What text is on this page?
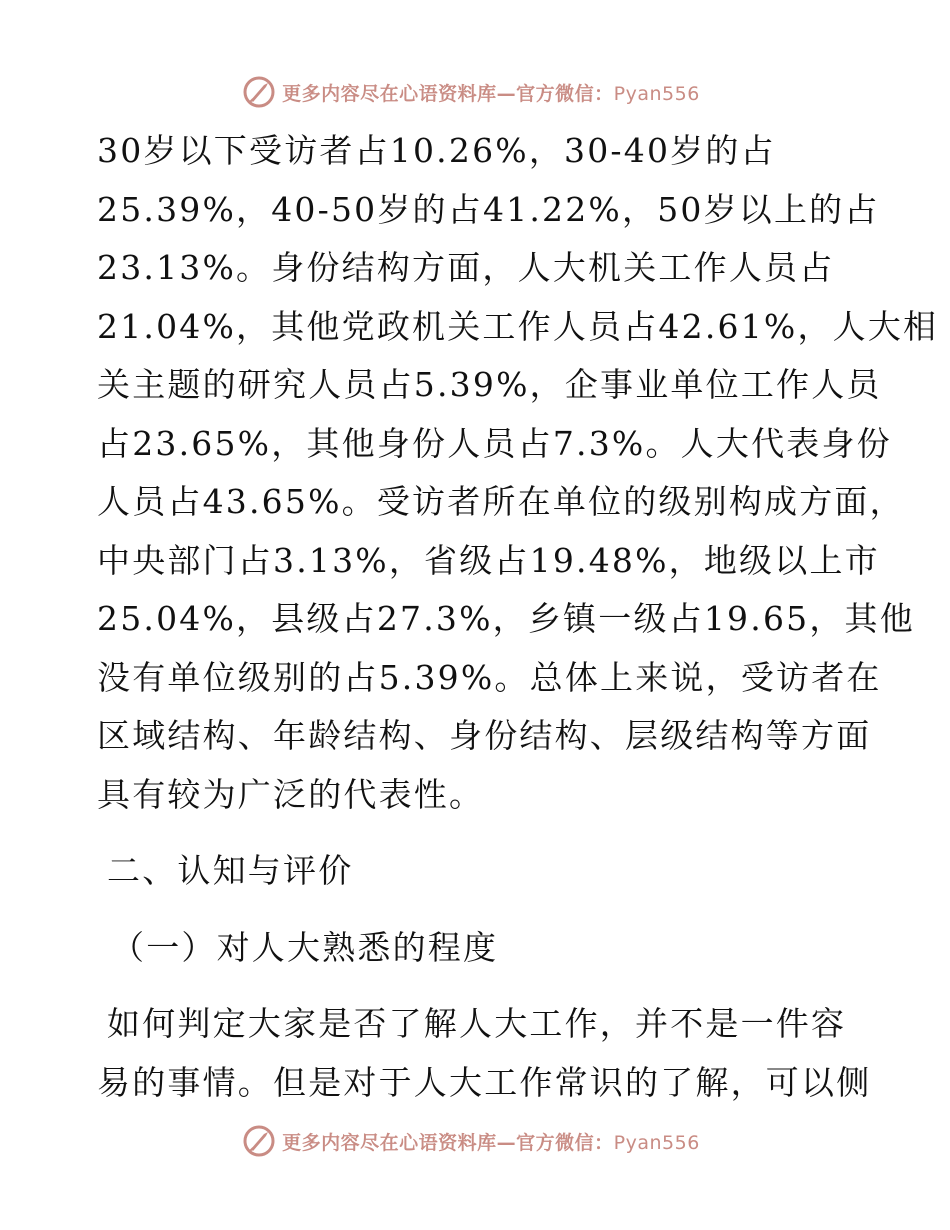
更多内容尽在心语资料库—官方微信：Pyan556
30岁以下受访者占10.26%，30-40岁的占
25.39%，40-50岁的占41.22%，50岁以上的占
23.13%。身份结构方面，人大机关工作人员占
21.04%，其他党政机关工作人员占42.61%，人大相
关主题的研究人员占5.39%，企事业单位工作人员
占23.65%，其他身份人员占7.3%。人大代表身份
人员占43.65%。受访者所在单位的级别构成方面，
中央部门占3.13%，省级占19.48%，地级以上市
25.04%，县级占27.3%，乡镇一级占19.65，其他
没有单位级别的占5.39%。总体上来说，受访者在
区域结构、年龄结构、身份结构、层级结构等方面
具有较为广泛的代表性。
二、认知与评价
（一）对人大熟悉的程度
如何判定大家是否了解人大工作，并不是一件容
易的事情。但是对于人大工作常识的了解，可以侧
更多内容尽在心语资料库—官方微信：Pyan556
